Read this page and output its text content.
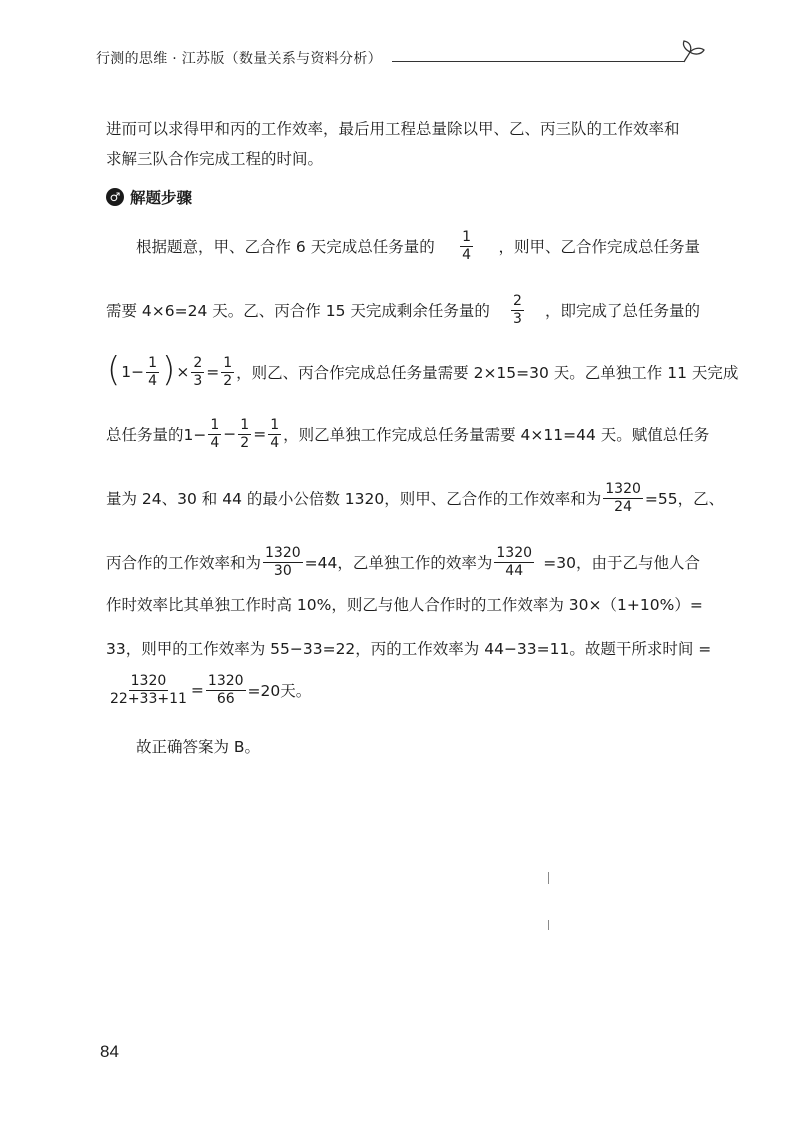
行测的思维 · 江苏版（数量关系与资料分析）
进而可以求得甲和丙的工作效率，最后用工程总量除以甲、乙、丙三队的工作效率和
求解三队合作完成工程的时间。
♂ 解题步骤
根据题意，甲、乙合作 6 天完成总任务量的 $\frac{1}{4}$ ，则甲、乙合作完成总任务量
需要 4×6=24 天。乙、丙合作 15 天完成剩余任务量的 $\frac{2}{3}$ ，即完成了总任务量的
( $1- \frac{1}{4}$ ) × $\frac{2}{3} = \frac{1}{2}$ ，则乙、丙合作完成总任务量需要 2×15=30 天。乙单独工作 11 天完成
总任务量的$1- \frac{1}{4} - \frac{1}{2} = \frac{1}{4}$ ，则乙单独工作完成总任务量需要 4×11=44 天。赋值总任务
量为 24、30 和 44 的最小公倍数 1320，则甲、乙合作的工作效率和为 $\frac{1320}{24} =55$，乙、
丙合作的工作效率和为 $\frac{1320}{30} =44$，乙单独工作的效率为 $\frac{1320}{44} =30$，由于乙与他人合
作时效率比其单独工作时高 10%，则乙与他人合作时的工作效率为 30×（1+10%）=
33，则甲的工作效率为 55−33=22，丙的工作效率为 44−33=11。故题干所求时间 =
$\frac{1320}{22+33+11} = \frac{1320}{66} =20$天。
故正确答案为 B。
84
